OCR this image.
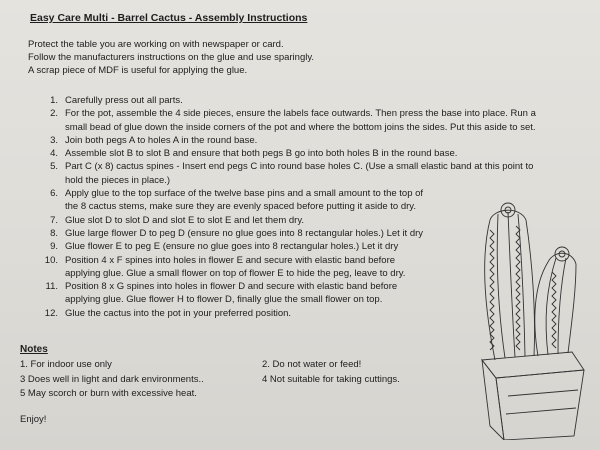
Easy Care Multi - Barrel Cactus - Assembly Instructions
Protect the table you are working on with newspaper or card.
Follow the manufacturers instructions on the glue and use sparingly.
A scrap piece of MDF is useful for applying the glue.
1. Carefully press out all parts.
2. For the pot, assemble the 4 side pieces, ensure the labels face outwards. Then press the base into place. Run a
small bead of glue down the inside corners of the pot and where the bottom joins the sides. Put this aside to set.
3. Join both pegs A to holes A in the round base.
4. Assemble slot B to slot B and ensure that both pegs B go into both holes B in the round base.
5. Part C (x 8) cactus spines - Insert end pegs C into round base holes C. (Use a small elastic band at this point to
hold the pieces in place.)
6. Apply glue to the top surface of the twelve base pins and a small amount to the top of
the 8 cactus stems, make sure they are evenly spaced before putting it aside to dry.
7. Glue slot D to slot D and slot E to slot E and let them dry.
8. Glue large flower D to peg D (ensure no glue goes into 8 rectangular holes.) Let it dry
9. Glue flower E to peg E (ensure no glue goes into 8 rectangular holes.) Let it dry
10. Position 4 x F spines into holes in flower E and secure with elastic band before
applying glue. Glue a small flower on top of flower E to hide the peg, leave to dry.
11. Position 8 x G spines into holes in flower D and secure with elastic band before
applying glue. Glue flower H to flower D, finally glue the small flower on top.
12. Glue the cactus into the pot in your preferred position.
Notes
1. For indoor use only
3 Does well in light and dark environments..
5 May scorch or burn with excessive heat.
2. Do not water or feed!
4 Not suitable for taking cuttings.
Enjoy!
